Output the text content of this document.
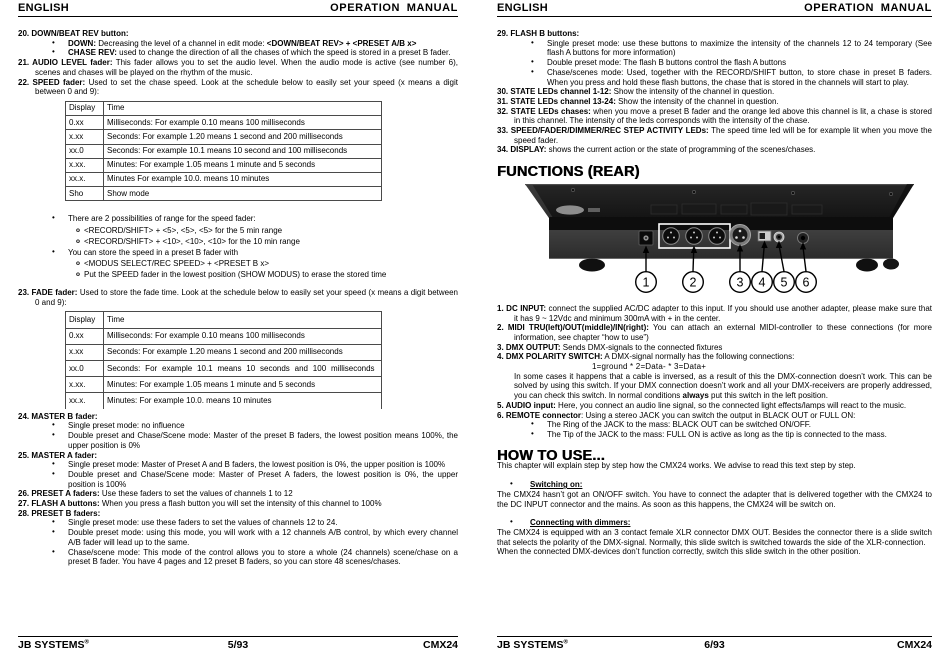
ENGLISH	OPERATION MANUAL
20. DOWN/BEAT REV button:
• DOWN: Decreasing the level of a channel in edit mode: <DOWN/BEAT REV> + <PRESET A/B x>
• CHASE REV: used to change the direction of all the chases of which the speed is stored in a preset B fader.
21. AUDIO LEVEL fader: This fader allows you to set the audio level. When the audio mode is active (see number 6), scenes and chases will be played on the rhythm of the music.
22. SPEED fader: Used to set the chase speed. Look at the schedule below to easily set your speed (x means a digit between 0 and 9):
Display	Time
0.xx	Milliseconds: For example 0.10 means 100 milliseconds
x.xx	Seconds: For example 1.20 means 1 second and 200 milliseconds
xx.0	Seconds: For example 10.1 means 10 second and 100 milliseconds
x.xx.	Minutes: For example 1.05 means 1 minute and 5 seconds
xx.x.	Minutes For example 10.0. means 10 minutes
Sho	Show mode
• There are 2 possibilities of range for the speed fader:
o <RECORD/SHIFT> + <5>, <5>, <5> for the 5 min range
o <RECORD/SHIFT> + <10>, <10>, <10> for the 10 min range
• You can store the speed in a preset B fader with
o <MODUS SELECT/REC SPEED> + <PRESET B x>
o Put the SPEED fader in the lowest position (SHOW MODUS) to erase the stored time
23. FADE fader: Used to store the fade time. Look at the schedule below to easily set your speed (x means a digit between 0 and 9):
Display	Time
0.xx	Milliseconds: For example 0.10 means 100 milliseconds
x.xx	Seconds: For example 1.20 means 1 second and 200 milliseconds
xx.0	Seconds: For example 10.1 means 10 seconds and 100 milliseconds
x.xx.	Minutes: For example 1.05 means 1 minute and 5 seconds
xx.x.	Minutes: For example 10.0. means 10 minutes
24. MASTER B fader:
• Single preset mode: no influence
• Double preset and Chase/Scene mode: Master of the preset B faders, the lowest position means 100%, the upper position is 0%
25. MASTER A fader:
• Single preset mode: Master of Preset A and B faders, the lowest position is 0%, the upper position is 100%
• Double preset and Chase/Scene mode: Master of Preset A faders, the lowest position is 0%, the upper position is 100%
26. PRESET A faders: Use these faders to set the values of channels 1 to 12
27. FLASH A buttons: When you press a flash button you will set the intensity of this channel to 100%
28. PRESET B faders:
• Single preset mode: use these faders to set the values of channels 12 to 24.
• Double preset mode: using this mode, you will work with a 12 channels A/B control, by which every channel A/B fader will lead up to the same.
• Chase/scene mode: This mode of the control allows you to store a whole (24 channels) scene/chase on a preset B fader. You have 4 pages and 12 preset B faders, so you can store 48 scenes/chases.
JB SYSTEMS®	5/93	CMX24
ENGLISH	OPERATION MANUAL
29. FLASH B buttons:
• Single preset mode: use these buttons to maximize the intensity of the channels 12 to 24 temporary (See flash A buttons for more information)
• Double preset mode: The flash B buttons control the flash A buttons
• Chase/scenes mode: Used, together with the RECORD/SHIFT button, to store chase in preset B faders. When you press and hold these flash buttons, the chase that is stored in the channels will start to play.
30. STATE LEDs channel 1-12: Show the intensity of the channel in question.
31. STATE LEDs channel 13-24: Show the intensity of the channel in question.
32. STATE LEDs chases: when you move a preset B fader and the orange led above this channel is lit, a chase is stored in this channel. The intensity of the leds corresponds with the intensity of the chase.
33. SPEED/FADER/DIMMER/REC STEP ACTIVITY LEDs: The speed time led will be for example lit when you move the speed fader.
34. DISPLAY: shows the current action or the state of programming of the scenes/chases.
FUNCTIONS (REAR)
1	2	3 4 5 6
1. DC INPUT: connect the supplied AC/DC adapter to this input. If you should use another adapter, please make sure that it has 9 ~ 12Vdc and minimum 300mA with + in the center.
2. MIDI TRU(left)/OUT(middle)/IN(right): You can attach an external MIDI-controller to these connections (for more information, see chapter “how to use”)
3. DMX OUTPUT: Sends DMX-signals to the connected fixtures
4. DMX POLARITY SWITCH: A DMX-signal normally has the following connections:
1=ground * 2=Data- * 3=Data+
In some cases it happens that a cable is inversed, as a result of this the DMX-connection doesn’t work. This can be solved by using this switch. If your DMX connection doesn’t work and all your DMX-receivers are properly addressed, you can check this switch. In normal conditions always put this switch in the left position.
5. AUDIO input: Here, you connect an audio line signal, so the connected light effects/lamps will react to the music.
6. REMOTE connector: Using a stereo JACK you can switch the output in BLACK OUT or FULL ON:
• The Ring of the JACK to the mass: BLACK OUT can be switched ON/OFF.
• The Tip of the JACK to the mass: FULL ON is active as long as the tip is connected to the mass.
HOW TO USE...
This chapter will explain step by step how the CMX24 works. We advise to read this text step by step.
• Switching on:
The CMX24 hasn’t got an ON/OFF switch. You have to connect the adapter that is delivered together with the CMX24 to the DC INPUT connector and the mains. As soon as this happens, the CMX24 will be switch on.
• Connecting with dimmers:
The CMX24 is equipped with an 3 contact female XLR connector DMX OUT. Besides the connector there is a slide switch that selects the polarity of the DMX-signal. Normally, this slide switch is switched towards the side of the XLR-connection.
When the connected DMX-devices don’t function correctly, switch this slide switch in the other position.
JB SYSTEMS®	6/93	CMX24
